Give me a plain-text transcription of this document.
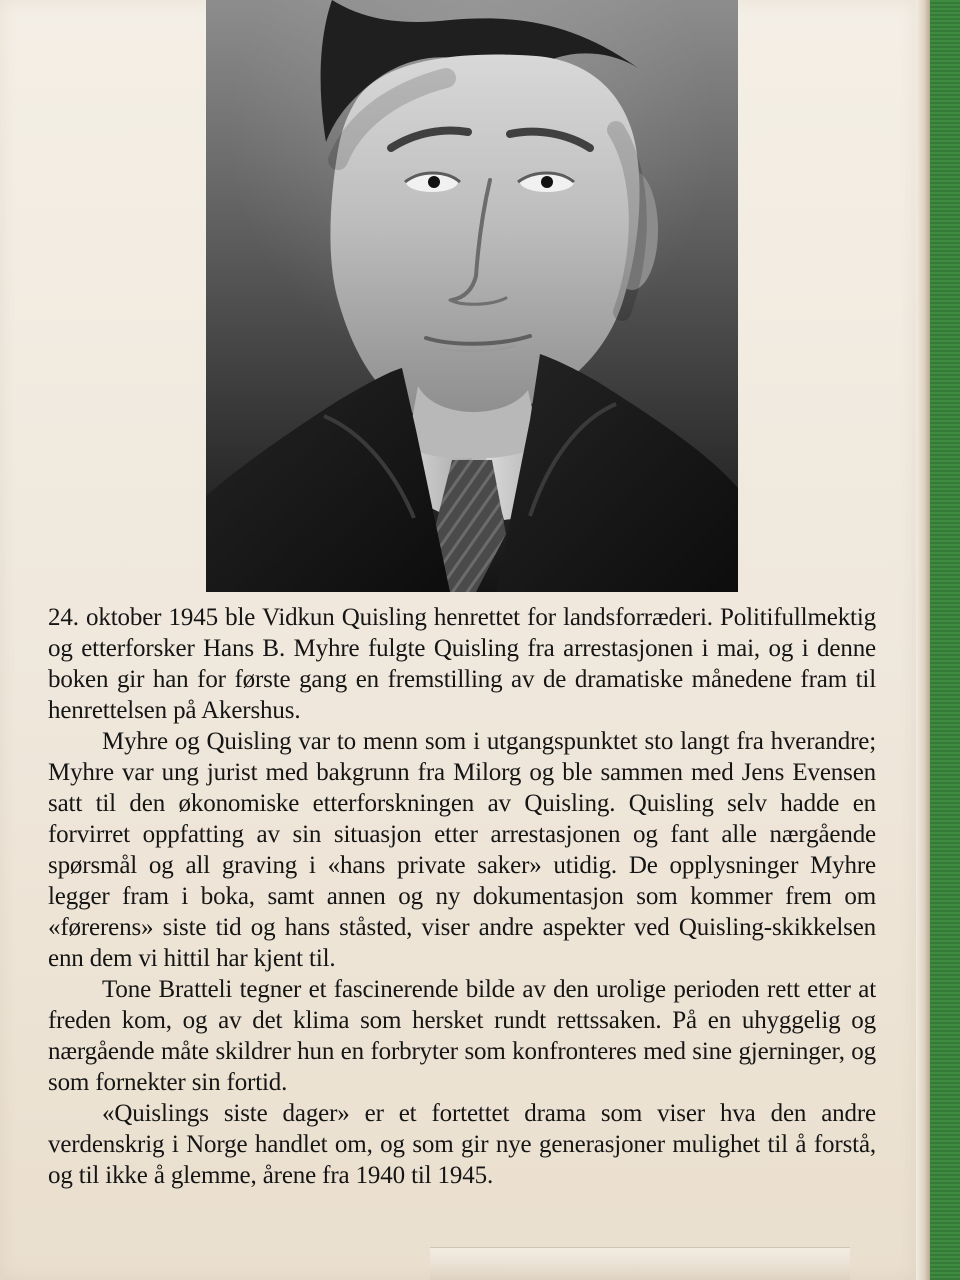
24. oktober 1945 ble Vidkun Quisling henrettet for landsforræderi. Politifullmektig og etterforsker Hans B. Myhre fulgte Quisling fra arrestasjonen i mai, og i denne boken gir han for første gang en fremstilling av de dramatiske månedene fram til henrettelsen på Akershus.

Myhre og Quisling var to menn som i utgangspunktet sto langt fra hverandre; Myhre var ung jurist med bakgrunn fra Milorg og ble sammen med Jens Evensen satt til den økonomiske etterforskningen av Quisling. Quisling selv hadde en forvirret oppfatting av sin situasjon etter arrestasjonen og fant alle nærgående spørsmål og all graving i «hans private saker» utidig. De opplysninger Myhre legger fram i boka, samt annen og ny dokumentasjon som kommer frem om «førerens» siste tid og hans ståsted, viser andre aspekter ved Quisling-skikkelsen enn dem vi hittil har kjent til.

Tone Bratteli tegner et fascinerende bilde av den urolige perioden rett etter at freden kom, og av det klima som hersket rundt rettssaken. På en uhyggelig og nærgående måte skildrer hun en forbryter som konfronteres med sine gjerninger, og som fornekter sin fortid.

«Quislings siste dager» er et fortettet drama som viser hva den andre verdenskrig i Norge handlet om, og som gir nye generasjoner mulighet til å forstå, og til ikke å glemme, årene fra 1940 til 1945.
